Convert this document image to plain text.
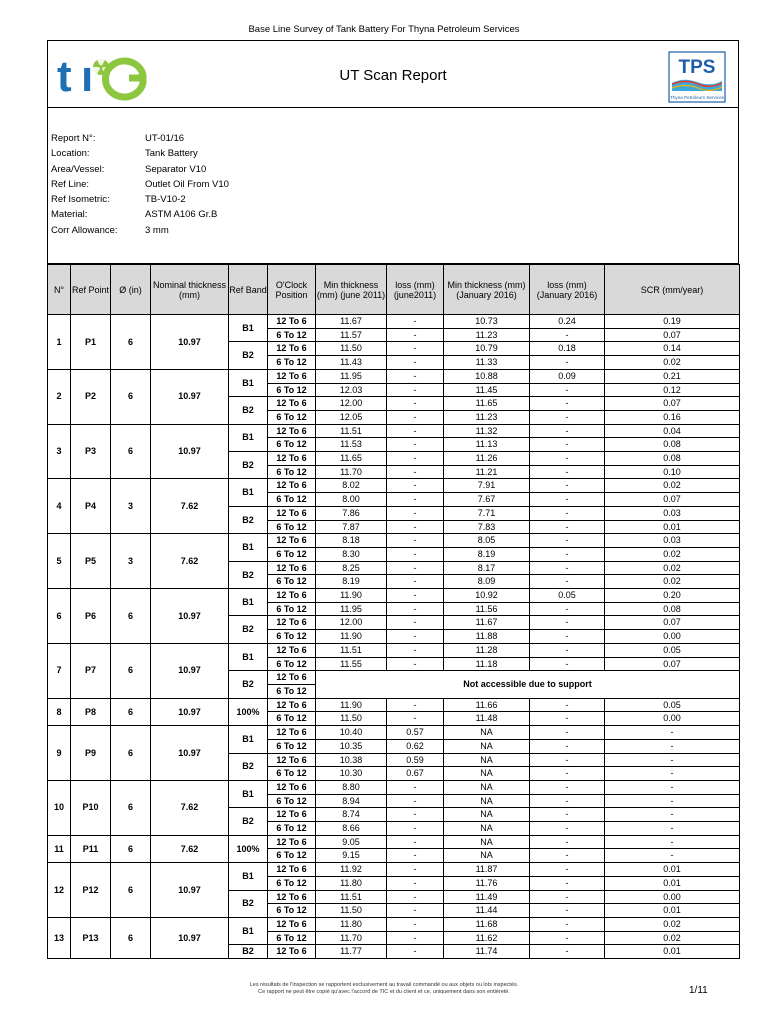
Base Line Survey of Tank Battery For Thyna Petroleum Services
t ı	UT Scan Report	TPS
Thyna Petroleum Services
Report N°:	UT-01/16
Location:	Tank Battery
Area/Vessel:	Separator V10
Ref Line:	Outlet Oil From V10
Ref Isometric:	TB-V10-2
Material:	ASTM A106 Gr.B
Corr Allowance:	3 mm
N°	Ref Point	Ø (in)	Nominal thickness (mm)	Ref Band	O'Clock Position	Min thickness (mm) (june 2011)	loss (mm) (june2011)	Min thickness (mm) (January 2016)	loss (mm) (January 2016)	SCR (mm/year)
1	P1	6	10.97	B1	12 To 6	11.67	-	10.73	0.24	0.19
					6 To 12	11.57	-	11.23	-	0.07
				B2	12 To 6	11.50	-	10.79	0.18	0.14
					6 To 12	11.43	-	11.33	-	0.02
2	P2	6	10.97	B1	12 To 6	11.95	-	10.88	0.09	0.21
					6 To 12	12.03	-	11.45	-	0.12
				B2	12 To 6	12.00	-	11.65	-	0.07
					6 To 12	12.05	-	11.23	-	0.16
3	P3	6	10.97	B1	12 To 6	11.51	-	11.32	-	0.04
					6 To 12	11.53	-	11.13	-	0.08
				B2	12 To 6	11.65	-	11.26	-	0.08
					6 To 12	11.70	-	11.21	-	0.10
4	P4	3	7.62	B1	12 To 6	8.02	-	7.91	-	0.02
					6 To 12	8.00	-	7.67	-	0.07
				B2	12 To 6	7.86	-	7.71	-	0.03
					6 To 12	7.87	-	7.83	-	0.01
5	P5	3	7.62	B1	12 To 6	8.18	-	8.05	-	0.03
					6 To 12	8.30	-	8.19	-	0.02
				B2	12 To 6	8.25	-	8.17	-	0.02
					6 To 12	8.19	-	8.09	-	0.02
6	P6	6	10.97	B1	12 To 6	11.90	-	10.92	0.05	0.20
					6 To 12	11.95	-	11.56	-	0.08
				B2	12 To 6	12.00	-	11.67	-	0.07
					6 To 12	11.90	-	11.88	-	0.00
7	P7	6	10.97	B1	12 To 6	11.51	-	11.28	-	0.05
					6 To 12	11.55	-	11.18	-	0.07
				B2	12 To 6	Not accessible due to support				
					6 To 12					
8	P8	6	10.97	100%	12 To 6	11.90	-	11.66	-	0.05
					6 To 12	11.50	-	11.48	-	0.00
9	P9	6	10.97	B1	12 To 6	10.40	0.57	NA	-	-
					6 To 12	10.35	0.62	NA	-	-
				B2	12 To 6	10.38	0.59	NA	-	-
					6 To 12	10.30	0.67	NA	-	-
10	P10	6	7.62	B1	12 To 6	8.80	-	NA	-	-
					6 To 12	8.94	-	NA	-	-
				B2	12 To 6	8.74	-	NA	-	-
					6 To 12	8.66	-	NA	-	-
11	P11	6	7.62	100%	12 To 6	9.05	-	NA	-	-
					6 To 12	9.15	-	NA	-	-
12	P12	6	10.97	B1	12 To 6	11.92	-	11.87	-	0.01
					6 To 12	11.80	-	11.76	-	0.01
				B2	12 To 6	11.51	-	11.49	-	0.00
					6 To 12	11.50	-	11.44	-	0.01
13	P13	6	10.97	B1	12 To 6	11.80	-	11.68	-	0.02
					6 To 12	11.70	-	11.62	-	0.02
				B2	12 To 6	11.77	-	11.74	-	0.01
Les résultats de l'inspection se rapportent exclusivement au travail commandé ou aux objets ou lots inspectés.
Ce rapport ne peut être copié qu'avec l'accord de TIC et du client et ce, uniquement dans son entièreté.	1/11
